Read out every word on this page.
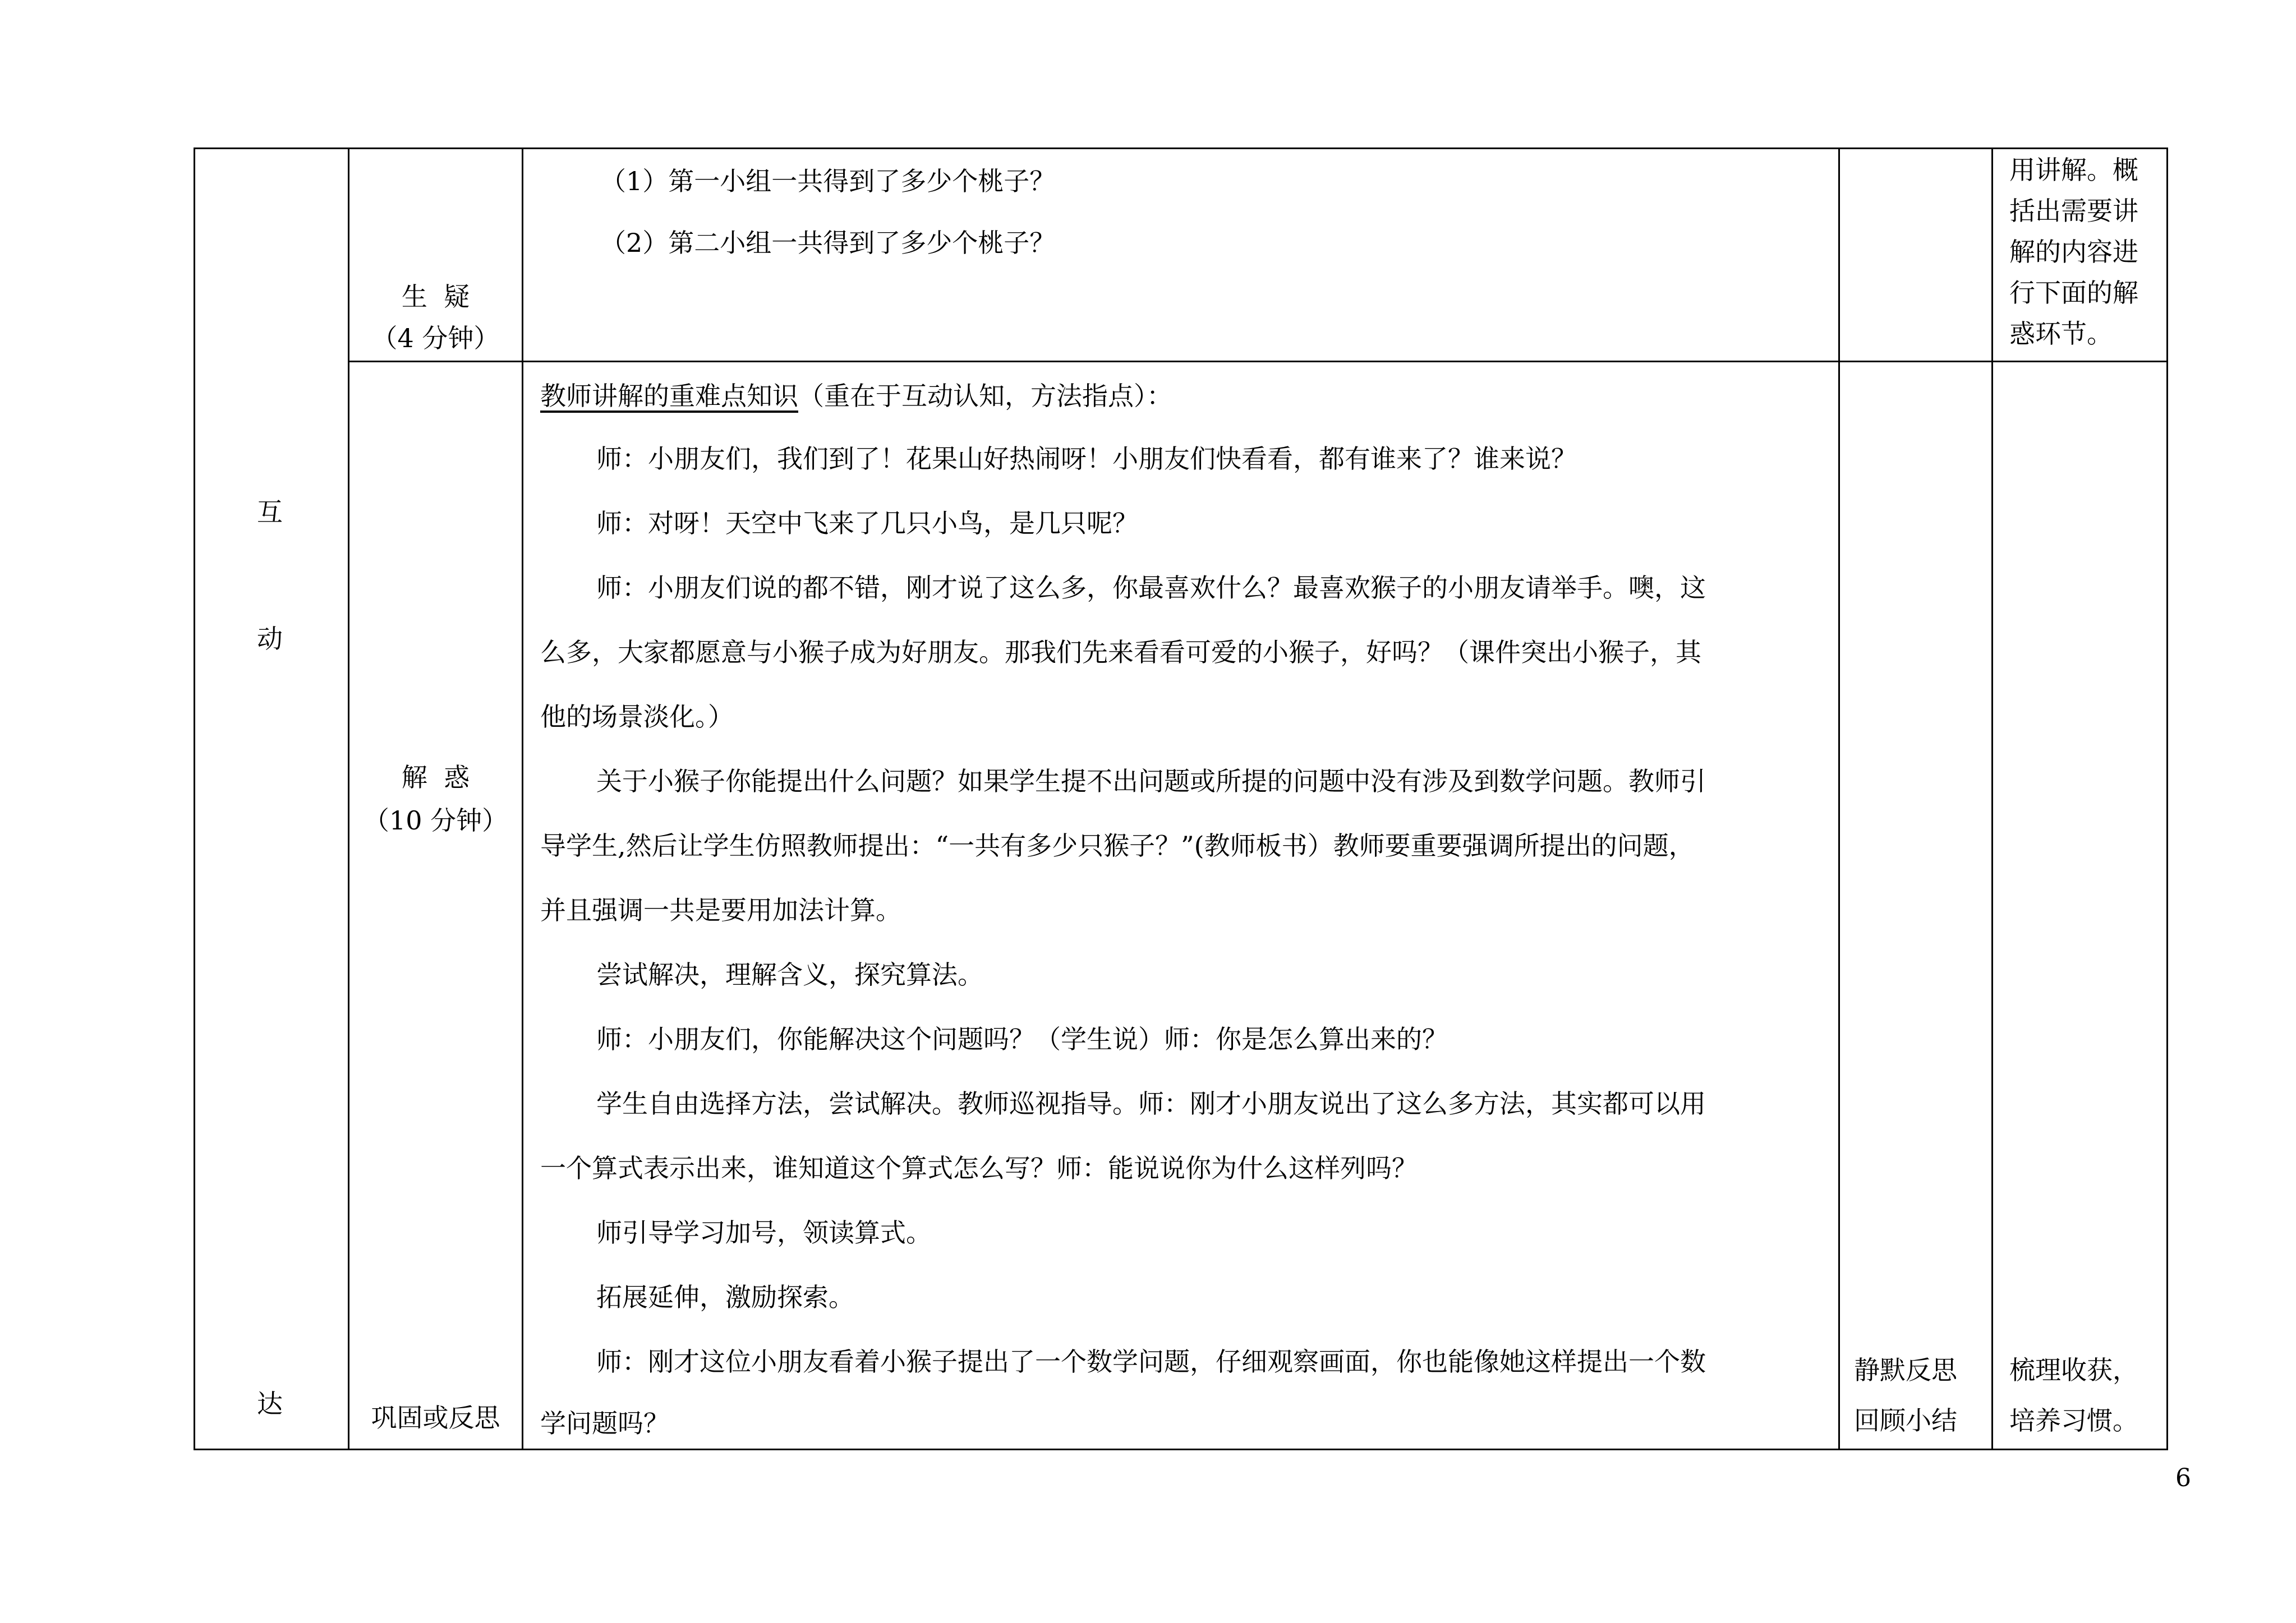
互
动
达
生  疑
（4 分钟）
解  惑
（10 分钟）
巩固或反思
（1）第一小组一共得到了多少个桃子？
（2）第二小组一共得到了多少个桃子？
教师讲解的重难点知识（重在于互动认知，方法指点）：
师：小朋友们，我们到了！花果山好热闹呀！小朋友们快看看，都有谁来了？谁来说？
师：对呀！天空中飞来了几只小鸟，是几只呢？
师：小朋友们说的都不错，刚才说了这么多，你最喜欢什么？最喜欢猴子的小朋友请举手。噢，这
么多，大家都愿意与小猴子成为好朋友。那我们先来看看可爱的小猴子，好吗？（课件突出小猴子，其
他的场景淡化。）
关于小猴子你能提出什么问题？如果学生提不出问题或所提的问题中没有涉及到数学问题。教师引
导学生,然后让学生仿照教师提出：“一共有多少只猴子？”(教师板书）教师要重要强调所提出的问题，
并且强调一共是要用加法计算。
尝试解决，理解含义，探究算法。
师：小朋友们，你能解决这个问题吗？（学生说）师：你是怎么算出来的？
学生自由选择方法，尝试解决。教师巡视指导。师：刚才小朋友说出了这么多方法，其实都可以用
一个算式表示出来，谁知道这个算式怎么写？师：能说说你为什么这样列吗？
师引导学习加号，领读算式。
拓展延伸，激励探索。
师：刚才这位小朋友看着小猴子提出了一个数学问题，仔细观察画面，你也能像她这样提出一个数
学问题吗？
静默反思
回顾小结
用讲解。概
括出需要讲
解的内容进
行下面的解
惑环节。
梳理收获，
培养习惯。
6
